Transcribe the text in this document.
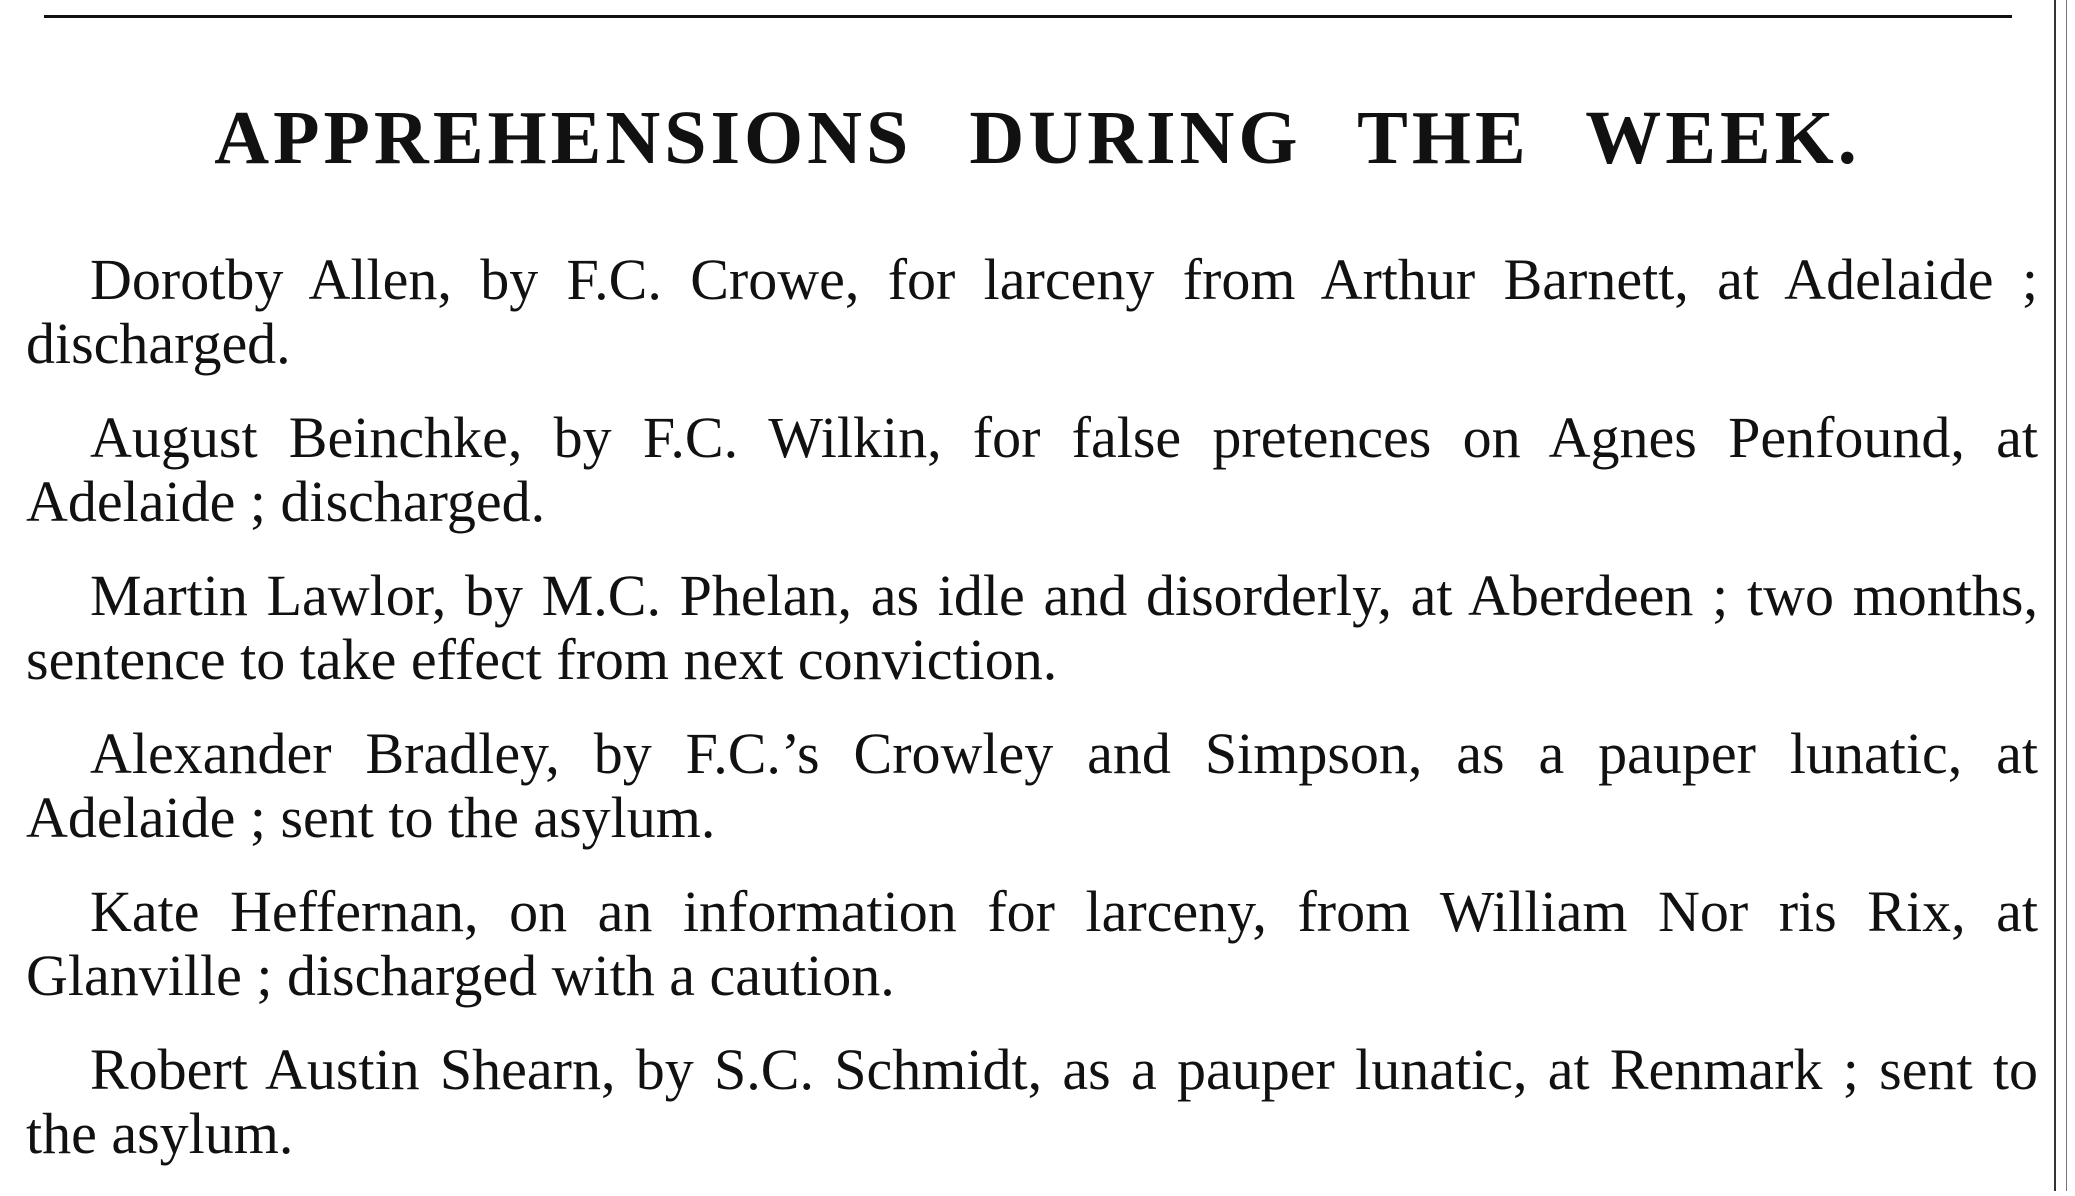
APPREHENSIONS DURING THE WEEK.

Dorotby Allen, by F.C. Crowe, for larceny from Arthur Barnett, at Adelaide ; discharged.

August Beinchke, by F.C. Wilkin, for false pretences on Agnes Penfound, at Adelaide ; discharged.

Martin Lawlor, by M.C. Phelan, as idle and disorderly, at Aberdeen ; two months, sentence to take effect from next conviction.

Alexander Bradley, by F.C.’s Crowley and Simpson, as a pauper lunatic, at Adelaide ; sent to the asylum.

Kate Heffernan, on an information for larceny, from William Nor ris Rix, at Glanville ; discharged with a caution.

Robert Austin Shearn, by S.C. Schmidt, as a pauper lunatic, at Renmark ; sent to the asylum.
